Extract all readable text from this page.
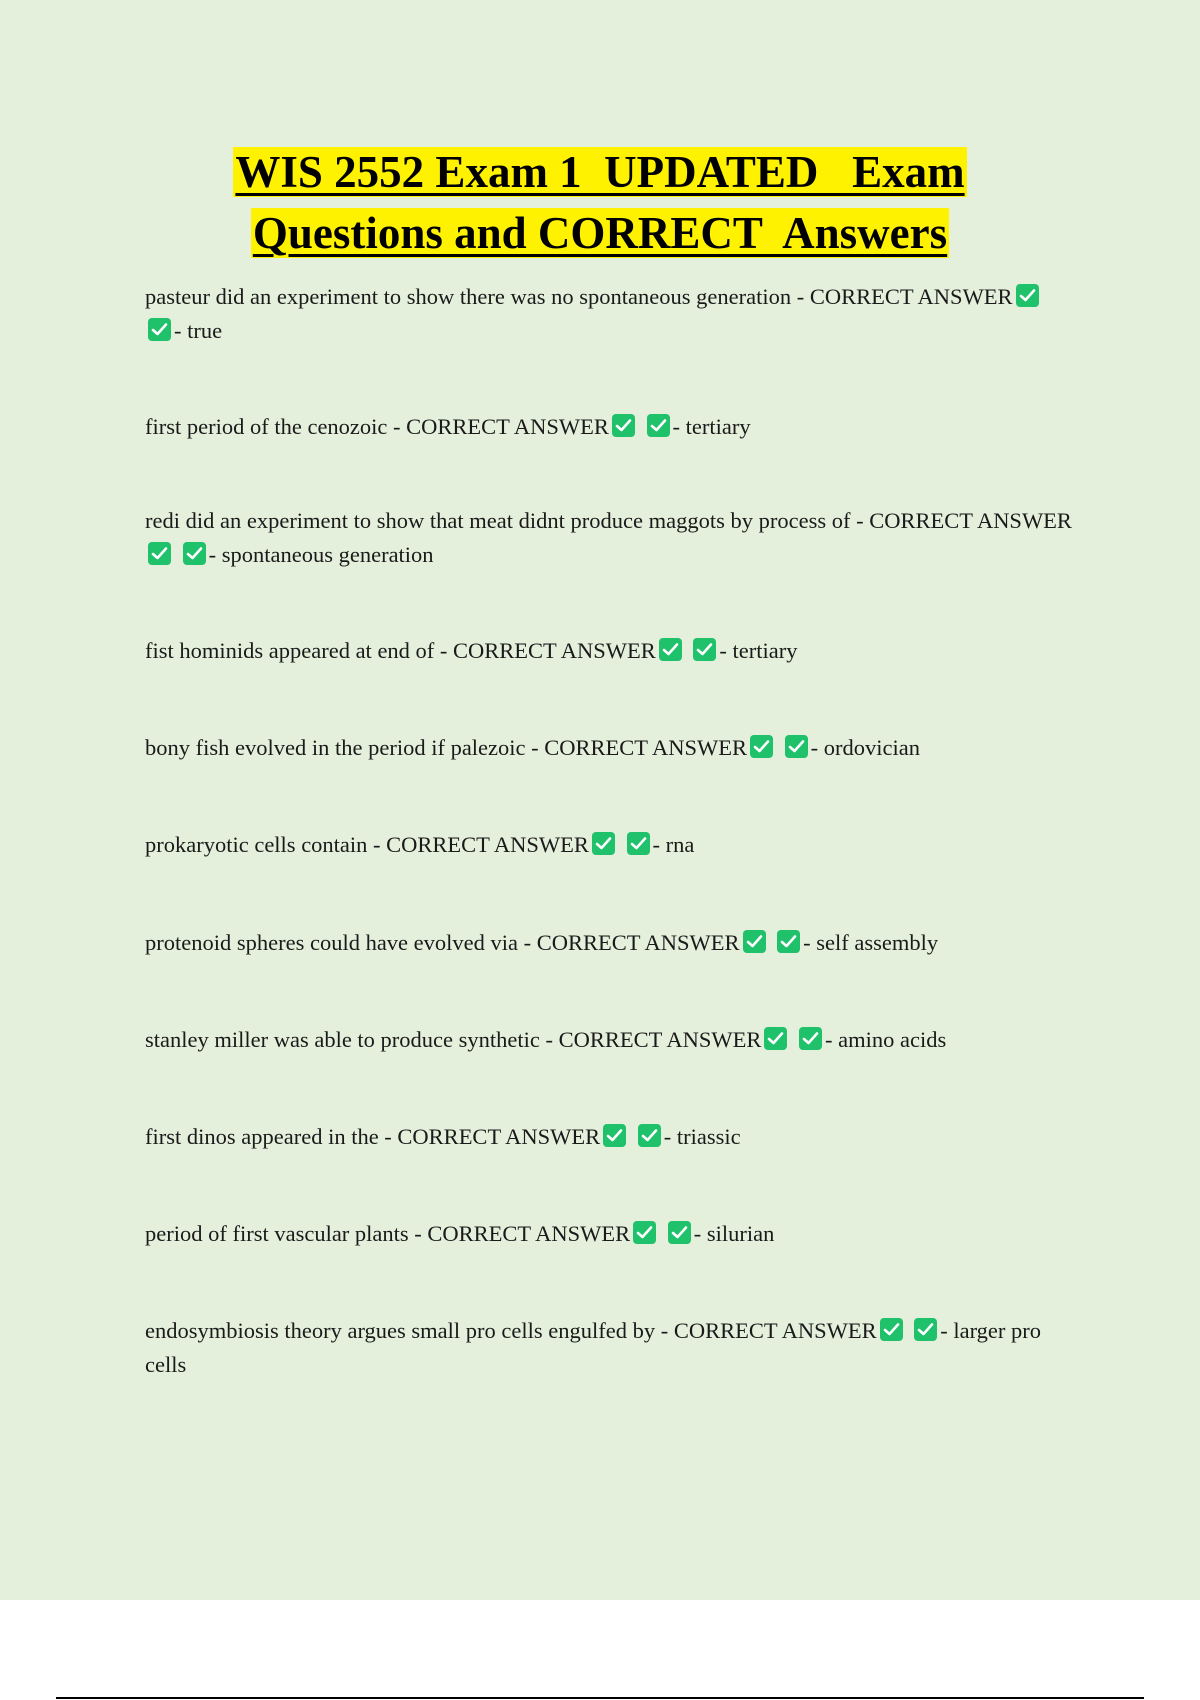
WIS 2552 Exam 1  UPDATED   Exam
Questions and CORRECT  Answers
pasteur did an experiment to show there was no spontaneous generation - CORRECT ANSWER

- true
first period of the cenozoic - CORRECT ANSWER
	- tertiary
redi did an experiment to show that meat didnt produce maggots by process of - CORRECT ANSWER

- spontaneous generation
fist hominids appeared at end of - CORRECT ANSWER
	- tertiary
bony fish evolved in the period if palezoic - CORRECT ANSWER
	- ordovician
prokaryotic cells contain - CORRECT ANSWER
	- rna
protenoid spheres could have evolved via - CORRECT ANSWER
	- self assembly
stanley miller was able to produce synthetic - CORRECT ANSWER
	- amino acids
first dinos appeared in the - CORRECT ANSWER
	- triassic
period of first vascular plants - CORRECT ANSWER
	- silurian
endosymbiosis theory argues small pro cells engulfed by - CORRECT ANSWER
	- larger pro cells
